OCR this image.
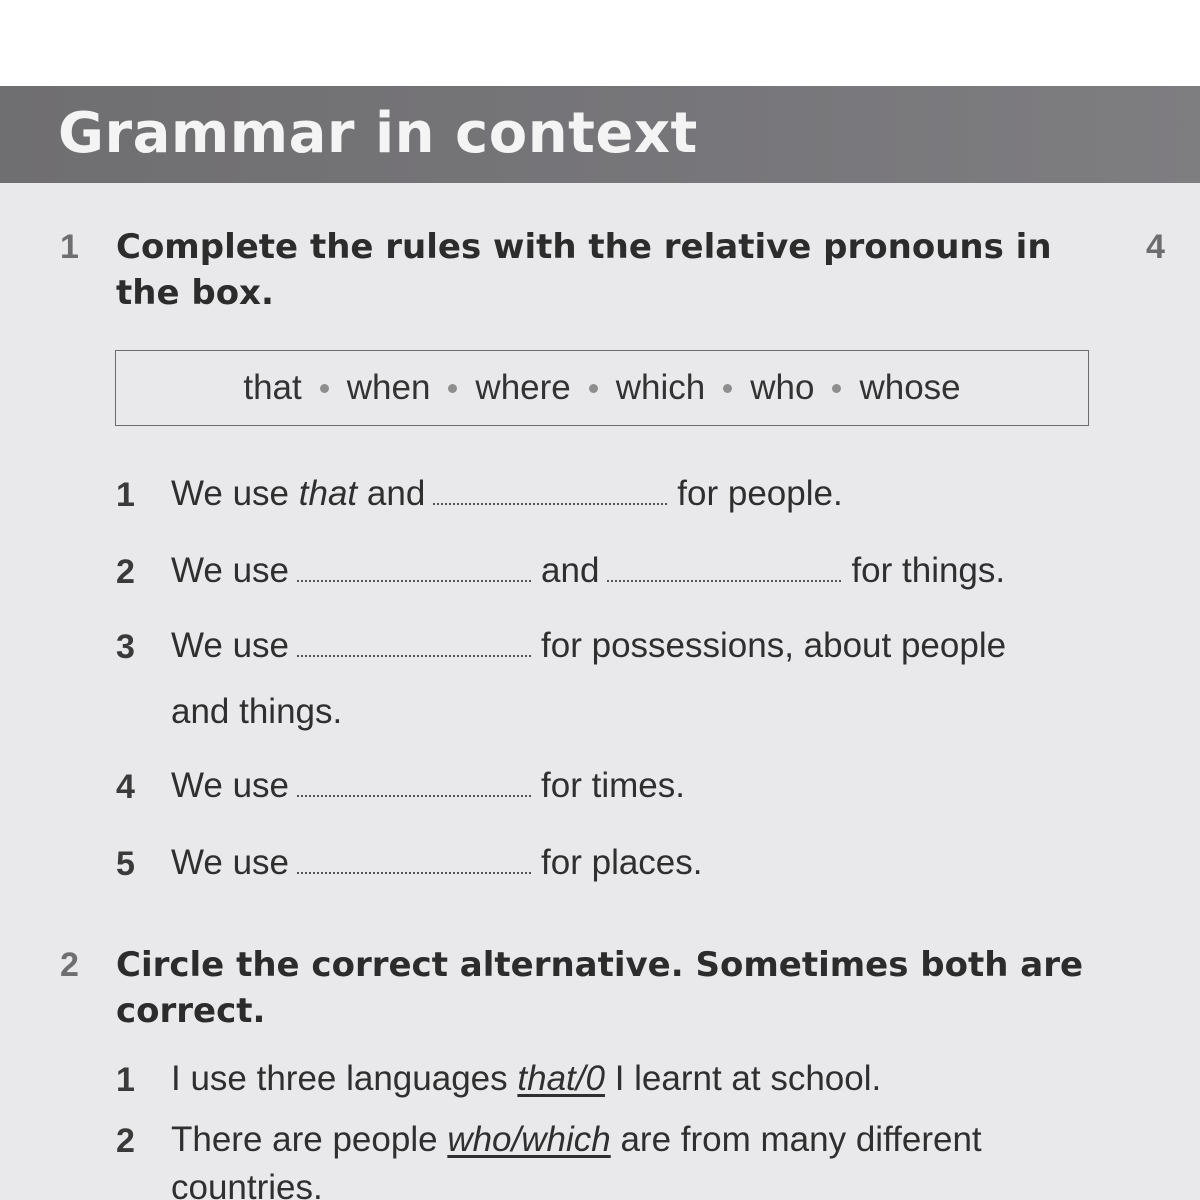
Grammar in context
4
1 Complete the rules with the relative pronouns in the box.
that when where which who whose
1 We use that and	for people.
2 We use	and	for things.
3 We use	for possessions, about people
and things.
4 We use	for times.
5 We use	for places.
2 Circle the correct alternative. Sometimes both are correct.
1 I use three languages that/0 I learnt at school.
2 There are people who/which are from many different
countries.
